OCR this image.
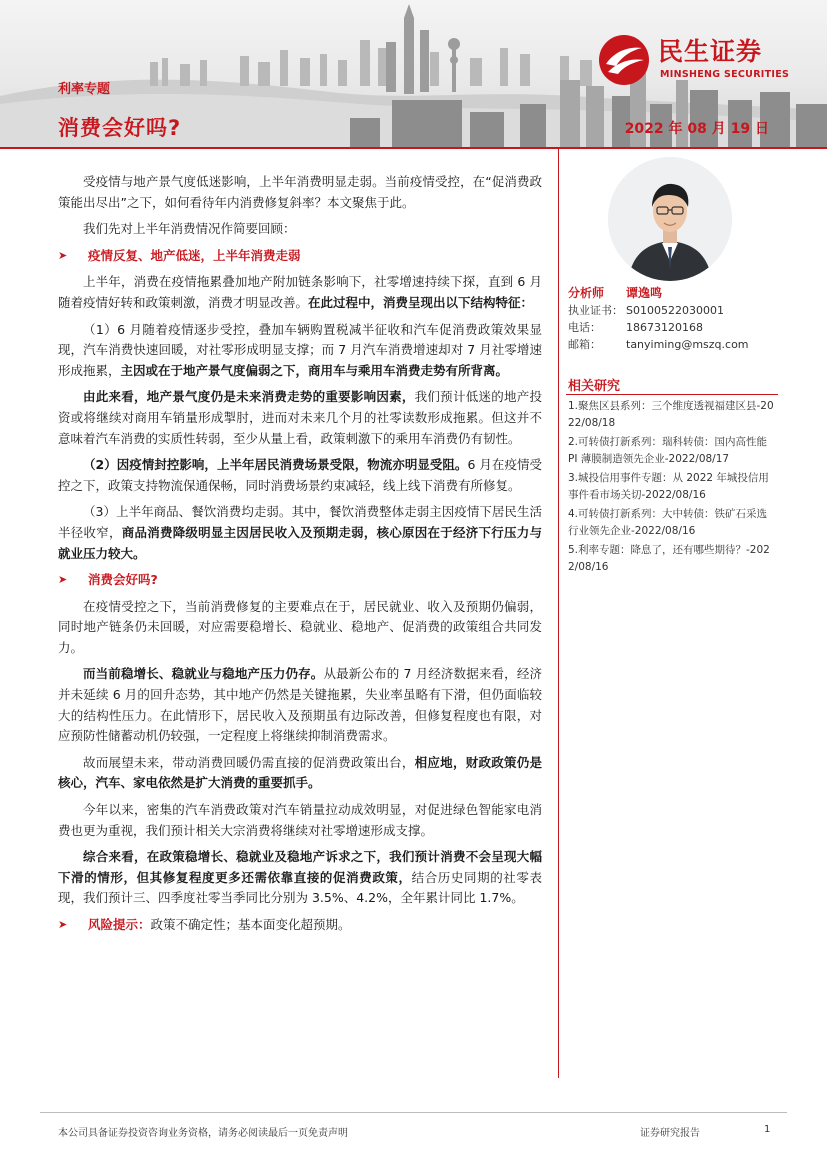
利率专题
消费会好吗?	2022 年 08 月 19 日
民生证券
MINSHENG SECURITIES

受疫情与地产景气度低迷影响，上半年消费明显走弱。当前疫情受控，在“促消费政策能出尽出”之下，如何看待年内消费修复斜率？本文聚焦于此。

我们先对上半年消费情况作简要回顾：

➤	疫情反复、地产低迷，上半年消费走弱

上半年，消费在疫情拖累叠加地产附加链条影响下，社零增速持续下探，直到 6 月随着疫情好转和政策刺激，消费才明显改善。在此过程中，消费呈现出以下结构特征：

（1）6 月随着疫情逐步受控，叠加车辆购置税减半征收和汽车促消费政策效果显现，汽车消费快速回暖，对社零形成明显支撑；而 7 月汽车消费增速却对 7 月社零增速形成拖累，主因或在于地产景气度偏弱之下，商用车与乘用车消费走势有所背离。

由此来看，地产景气度仍是未来消费走势的重要影响因素，我们预计低迷的地产投资或将继续对商用车销量形成掣肘，进而对未来几个月的社零读数形成拖累。但这并不意味着汽车消费的实质性转弱，至少从量上看，政策刺激下的乘用车消费仍有韧性。

（2）因疫情封控影响，上半年居民消费场景受限，物流亦明显受阻。6 月在疫情受控之下，政策支持物流保通保畅，同时消费场景约束减轻，线上线下消费有所修复。

（3）上半年商品、餐饮消费均走弱。其中，餐饮消费整体走弱主因疫情下居民生活半径收窄，商品消费降级明显主因居民收入及预期走弱，核心原因在于经济下行压力与就业压力较大。

➤	消费会好吗?

在疫情受控之下，当前消费修复的主要难点在于，居民就业、收入及预期仍偏弱，同时地产链条仍未回暖，对应需要稳增长、稳就业、稳地产、促消费的政策组合共同发力。

而当前稳增长、稳就业与稳地产压力仍存。从最新公布的 7 月经济数据来看，经济并未延续 6 月的回升态势，其中地产仍然是关键拖累，失业率虽略有下滑，但仍面临较大的结构性压力。在此情形下，居民收入及预期虽有边际改善，但修复程度也有限，对应预防性储蓄动机仍较强，一定程度上将继续抑制消费需求。

故而展望未来，带动消费回暖仍需直接的促消费政策出台，相应地，财政政策仍是核心，汽车、家电依然是扩大消费的重要抓手。

今年以来，密集的汽车消费政策对汽车销量拉动成效明显，对促进绿色智能家电消费也更为重视，我们预计相关大宗消费将继续对社零增速形成支撑。

综合来看，在政策稳增长、稳就业及稳地产诉求之下，我们预计消费不会呈现大幅下滑的情形，但其修复程度更多还需依靠直接的促消费政策，结合历史同期的社零表现，我们预计三、四季度社零当季同比分别为 3.5%、4.2%，全年累计同比 1.7%。

➤	风险提示：政策不确定性；基本面变化超预期。
分析师	谭逸鸣
执业证书： S0100522030001
电话：	18673120168
邮箱：	tanyiming@mszq.com
相关研究
1.聚焦区县系列：三个维度透视福建区县-2022/08/18
2.可转债打新系列：瑞科转债：国内高性能 PI 薄膜制造领先企业-2022/08/17
3.城投信用事件专题：从 2022 年城投信用事件看市场关切-2022/08/16
4.可转债打新系列：大中转债：铁矿石采选行业领先企业-2022/08/16
5.利率专题：降息了，还有哪些期待？-2022/08/16
本公司具备证券投资咨询业务资格，请务必阅读最后一页免责声明	证券研究报告	1
